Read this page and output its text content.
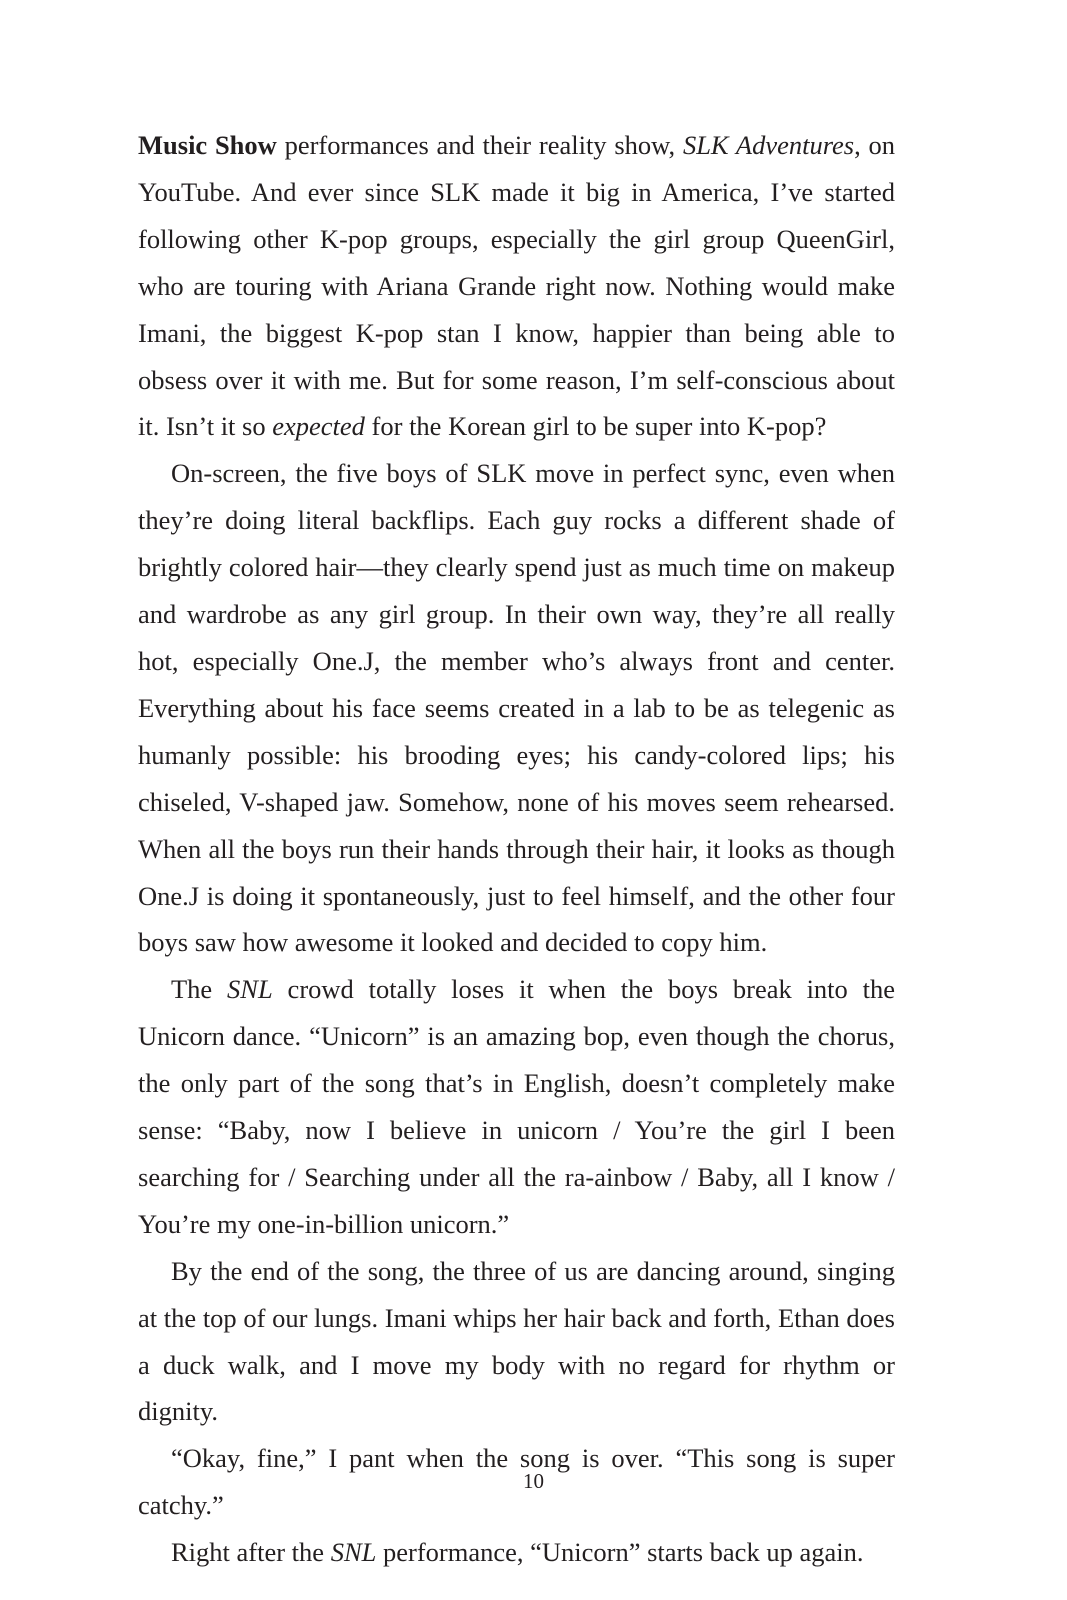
Music Show performances and their reality show, SLK Adventures, on YouTube. And ever since SLK made it big in America, I’ve started following other K-pop groups, especially the girl group QueenGirl, who are touring with Ariana Grande right now. Nothing would make Imani, the biggest K-pop stan I know, happier than being able to obsess over it with me. But for some reason, I’m self-conscious about it. Isn’t it so expected for the Korean girl to be super into K-pop?

On-screen, the five boys of SLK move in perfect sync, even when they’re doing literal backflips. Each guy rocks a different shade of brightly colored hair—they clearly spend just as much time on makeup and wardrobe as any girl group. In their own way, they’re all really hot, especially One.J, the member who’s always front and center. Everything about his face seems created in a lab to be as telegenic as humanly possible: his brooding eyes; his candy-colored lips; his chiseled, V-shaped jaw. Somehow, none of his moves seem rehearsed. When all the boys run their hands through their hair, it looks as though One.J is doing it spontaneously, just to feel himself, and the other four boys saw how awesome it looked and decided to copy him.

The SNL crowd totally loses it when the boys break into the Unicorn dance. “Unicorn” is an amazing bop, even though the chorus, the only part of the song that’s in English, doesn’t completely make sense: “Baby, now I believe in unicorn / You’re the girl I been searching for / Searching under all the ra-ainbow / Baby, all I know / You’re my one-in-billion unicorn.”

By the end of the song, the three of us are dancing around, singing at the top of our lungs. Imani whips her hair back and forth, Ethan does a duck walk, and I move my body with no regard for rhythm or dignity.

“Okay, fine,” I pant when the song is over. “This song is super catchy.”

Right after the SNL performance, “Unicorn” starts back up again.

10
